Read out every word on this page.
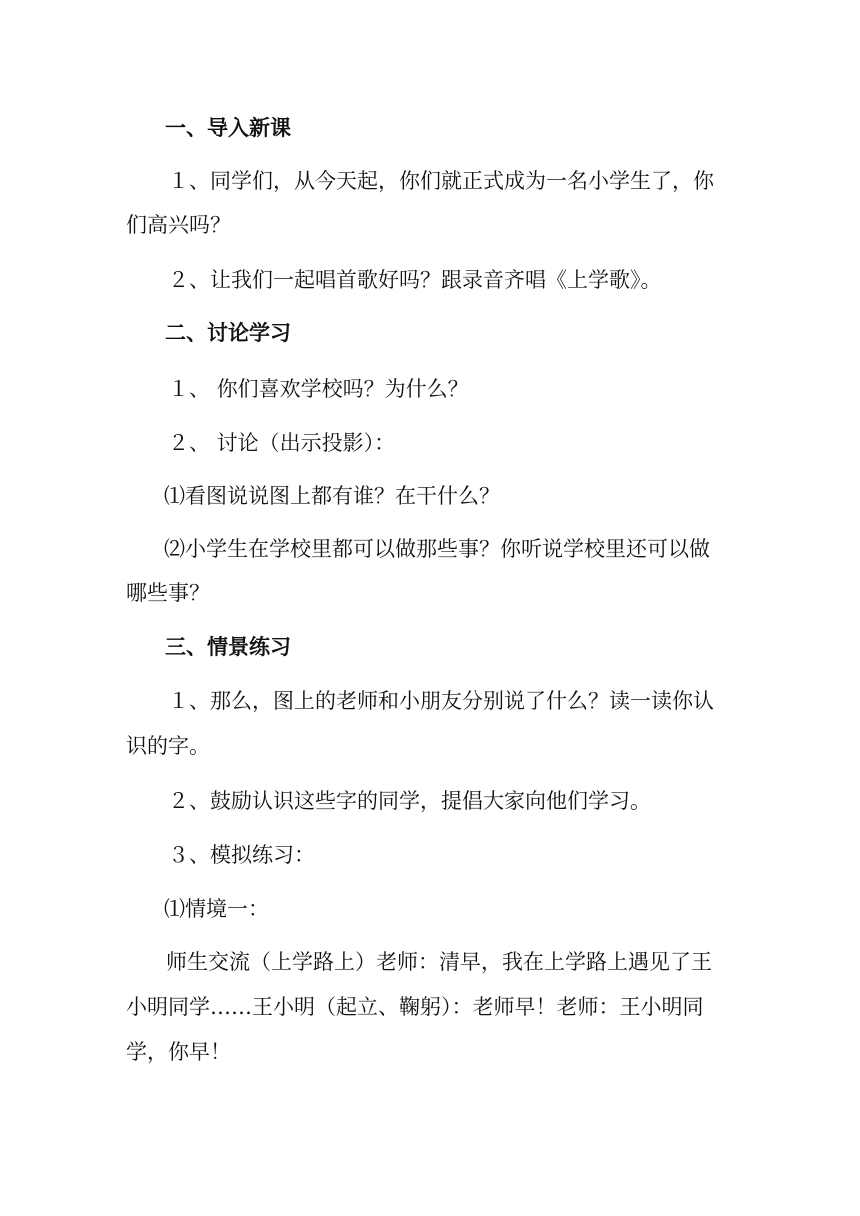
一、导入新课

１、同学们，从今天起，你们就正式成为一名小学生了，你

们高兴吗？

２、让我们一起唱首歌好吗？跟录音齐唱《上学歌》。

二、讨论学习

１、 你们喜欢学校吗？为什么？

２、 讨论（出示投影）：

⑴看图说说图上都有谁？在干什么？

⑵小学生在学校里都可以做那些事？你听说学校里还可以做

哪些事？

三、情景练习

１、那么，图上的老师和小朋友分别说了什么？读一读你认

识的字。

２、鼓励认识这些字的同学，提倡大家向他们学习。

３、模拟练习：

⑴情境一：

师生交流（上学路上）老师：清早，我在上学路上遇见了王

小明同学……王小明（起立、鞠躬）：老师早！老师：王小明同

学，你早！
